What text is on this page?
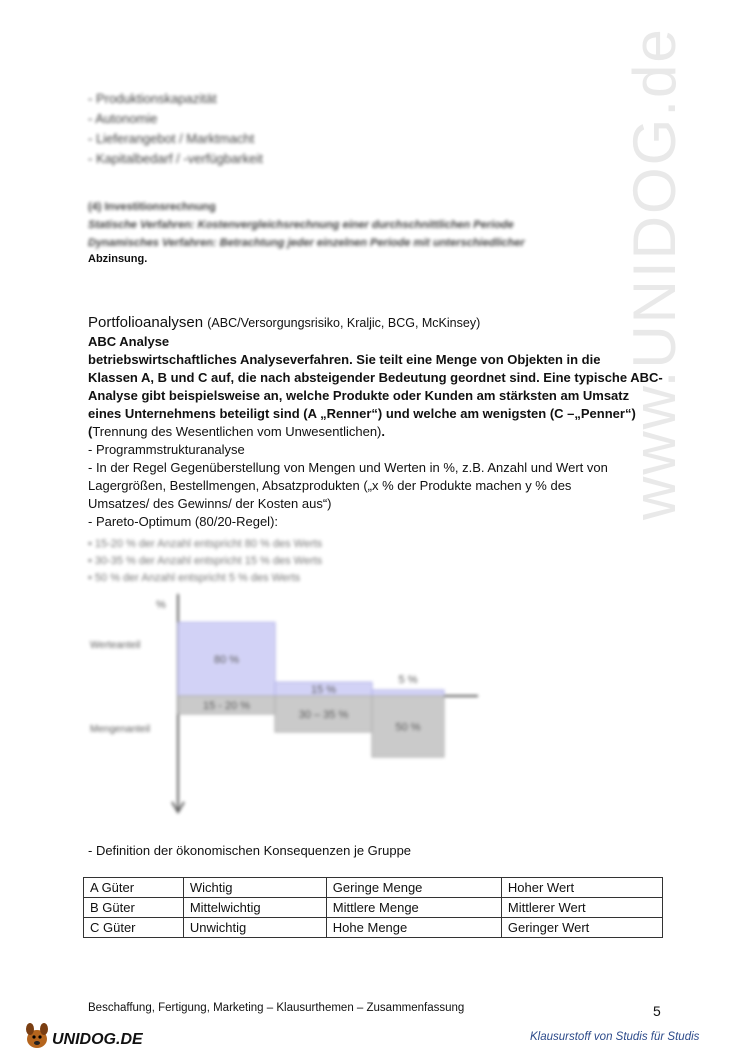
www.UNIDOG.de
- Produktionskapazität
- Autonomie
- Lieferangebot / Marktmacht
- Kapitalbedarf / -verfügbarkeit
(4) Investitionsrechnung
Statische Verfahren: Kostenvergleichsrechnung einer durchschnittlichen Periode
Dynamisches Verfahren: Betrachtung jeder einzelnen Periode mit unterschiedlicher
Abzinsung.
Portfolioanalysen (ABC/Versorgungsrisiko, Kraljic, BCG, McKinsey)
ABC Analyse
betriebswirtschaftliches Analyseverfahren. Sie teilt eine Menge von Objekten in die
Klassen A, B und C auf, die nach absteigender Bedeutung geordnet sind. Eine typische ABC-
Analyse gibt beispielsweise an, welche Produkte oder Kunden am stärksten am Umsatz
eines Unternehmens beteiligt sind (A „Renner“) und welche am wenigsten (C –„Penner“)
(Trennung des Wesentlichen vom Unwesentlichen).
- Programmstrukturanalyse
- In der Regel Gegenüberstellung von Mengen und Werten in %, z.B. Anzahl und Wert von
Lagergrößen, Bestellmengen, Absatzprodukten („x % der Produkte machen y % des
Umsatzes/ des Gewinns/ der Kosten aus“)
- Pareto-Optimum (80/20-Regel):
• 15-20 % der Anzahl entspricht 80 % des Werts
• 30-35 % der Anzahl entspricht 15 % des Werts
• 50 % der Anzahl entspricht 5 % des Werts
%
Werteanteil
Mengenanteil
80 %
15 - 20 %
15 %
30 – 35 %
5 %
50 %
- Definition der ökonomischen Konsequenzen je Gruppe
A Güter	Wichtig	Geringe Menge	Hoher Wert
B Güter	Mittelwichtig	Mittlere Menge	Mittlerer Wert
C Güter	Unwichtig	Hohe Menge	Geringer Wert
Beschaffung, Fertigung, Marketing – Klausurthemen – Zusammenfassung	5
UNIDOG.DE	Klausurstoff von Studis für Studis
